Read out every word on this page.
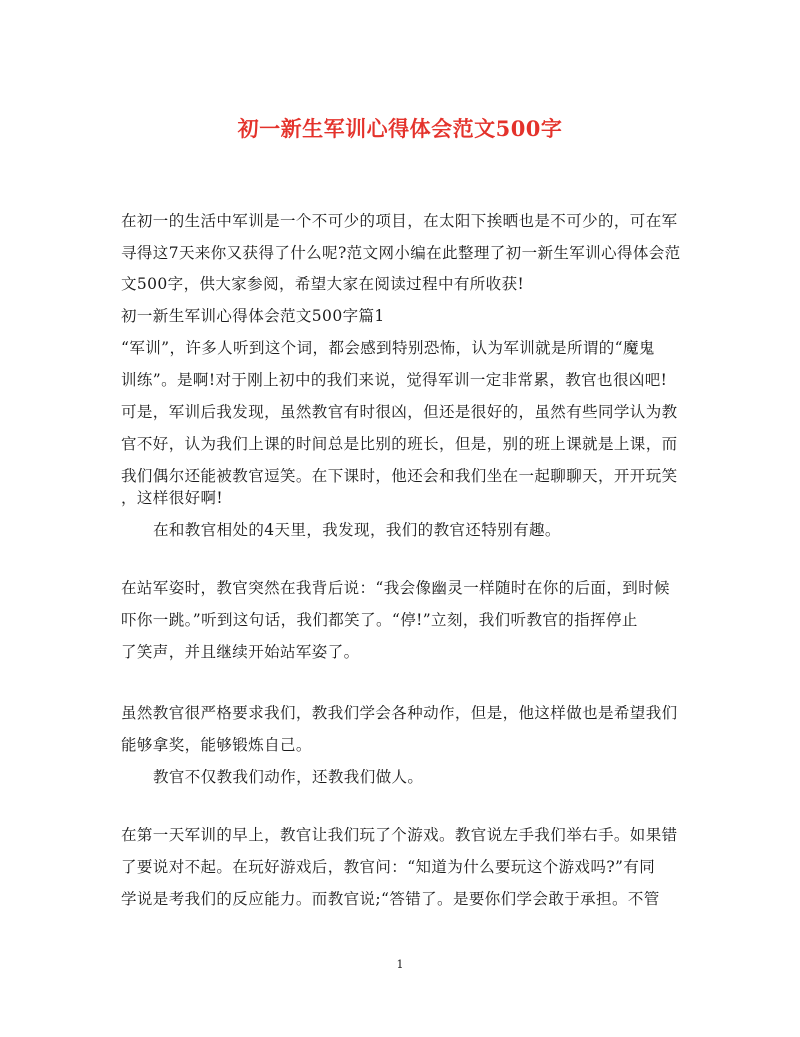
初一新生军训心得体会范文500字
在初一的生活中军训是一个不可少的项目，在太阳下挨晒也是不可少的，可在军
寻得这7天来你又获得了什么呢?范文网小编在此整理了初一新生军训心得体会范
文500字，供大家参阅，希望大家在阅读过程中有所收获!
初一新生军训心得体会范文500字篇1
“军训”，许多人听到这个词，都会感到特别恐怖，认为军训就是所谓的“魔鬼
训练”。是啊!对于刚上初中的我们来说，觉得军训一定非常累，教官也很凶吧!
可是，军训后我发现，虽然教官有时很凶，但还是很好的，虽然有些同学认为教
官不好，认为我们上课的时间总是比别的班长，但是，别的班上课就是上课，而
我们偶尔还能被教官逗笑。在下课时，他还会和我们坐在一起聊聊天，开开玩笑
，这样很好啊!
在和教官相处的4天里，我发现，我们的教官还特别有趣。
在站军姿时，教官突然在我背后说：“我会像幽灵一样随时在你的后面，到时候
吓你一跳。”听到这句话，我们都笑了。“停!”立刻，我们听教官的指挥停止
了笑声，并且继续开始站军姿了。
虽然教官很严格要求我们，教我们学会各种动作，但是，他这样做也是希望我们
能够拿奖，能够锻炼自己。
教官不仅教我们动作，还教我们做人。
在第一天军训的早上，教官让我们玩了个游戏。教官说左手我们举右手。如果错
了要说对不起。在玩好游戏后，教官问：“知道为什么要玩这个游戏吗?”有同
学说是考我们的反应能力。而教官说;“答错了。是要你们学会敢于承担。不管
1
